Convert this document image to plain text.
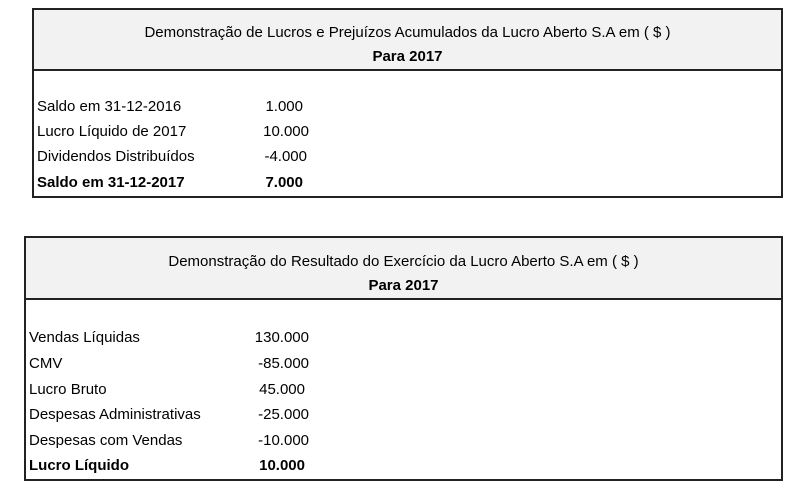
Demonstração de Lucros e Prejuízos Acumulados da Lucro Aberto S.A em ( $ )
Para 2017
Saldo em 31-12-2016	1.000
Lucro Líquido de 2017	10.000
Dividendos Distribuídos	-4.000
Saldo em 31-12-2017	7.000
Demonstração do Resultado do Exercício da Lucro Aberto S.A em ( $ )
Para 2017
Vendas Líquidas	130.000
CMV	-85.000
Lucro Bruto	45.000
Despesas Administrativas	-25.000
Despesas com Vendas	-10.000
Lucro Líquido	10.000
